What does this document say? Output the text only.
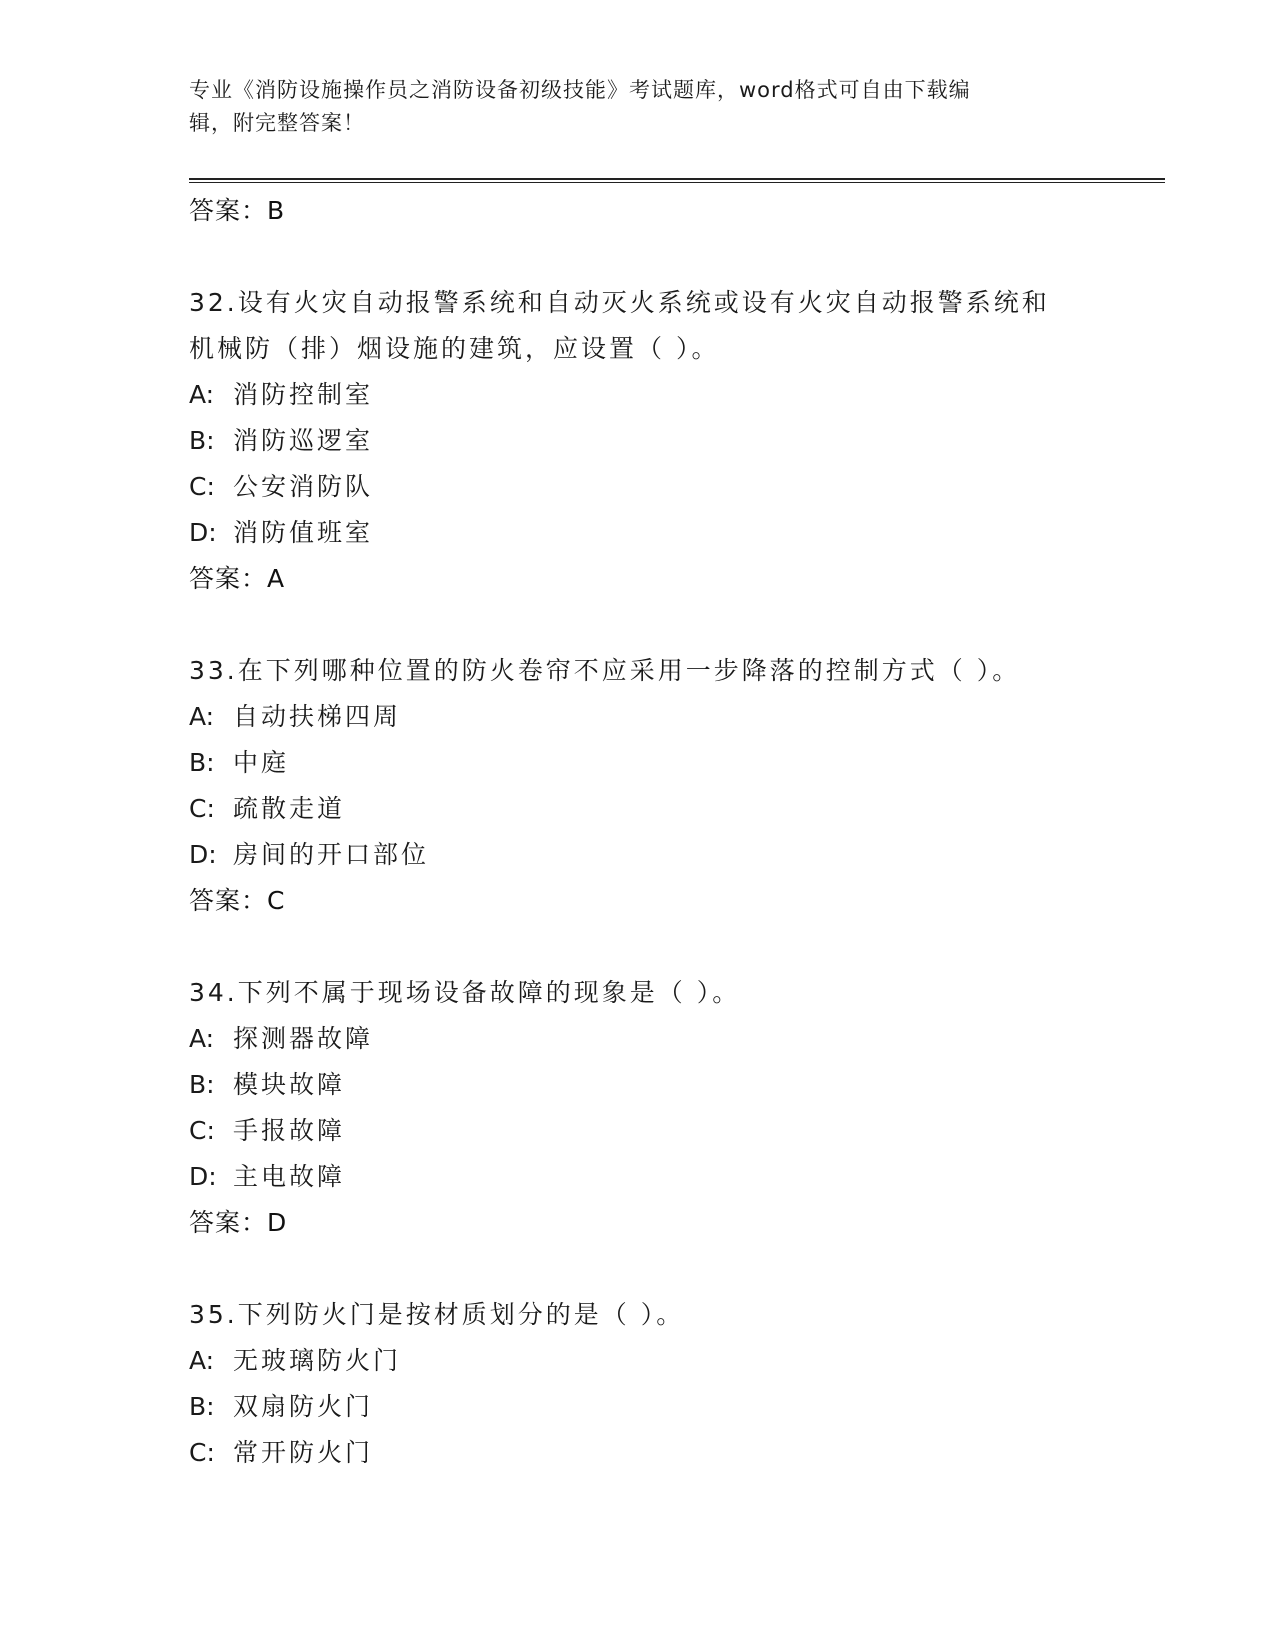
专业《消防设施操作员之消防设备初级技能》考试题库，word格式可自由下载编
辑，附完整答案！
答案：B
32.设有火灾自动报警系统和自动灭火系统或设有火灾自动报警系统和
机械防（排）烟设施的建筑，应设置（ ）。
A: 消防控制室
B: 消防巡逻室
C: 公安消防队
D: 消防值班室
答案：A
33.在下列哪种位置的防火卷帘不应采用一步降落的控制方式（ ）。
A: 自动扶梯四周
B: 中庭
C: 疏散走道
D: 房间的开口部位
答案：C
34.下列不属于现场设备故障的现象是（ ）。
A: 探测器故障
B: 模块故障
C: 手报故障
D: 主电故障
答案：D
35.下列防火门是按材质划分的是（ ）。
A: 无玻璃防火门
B: 双扇防火门
C: 常开防火门
